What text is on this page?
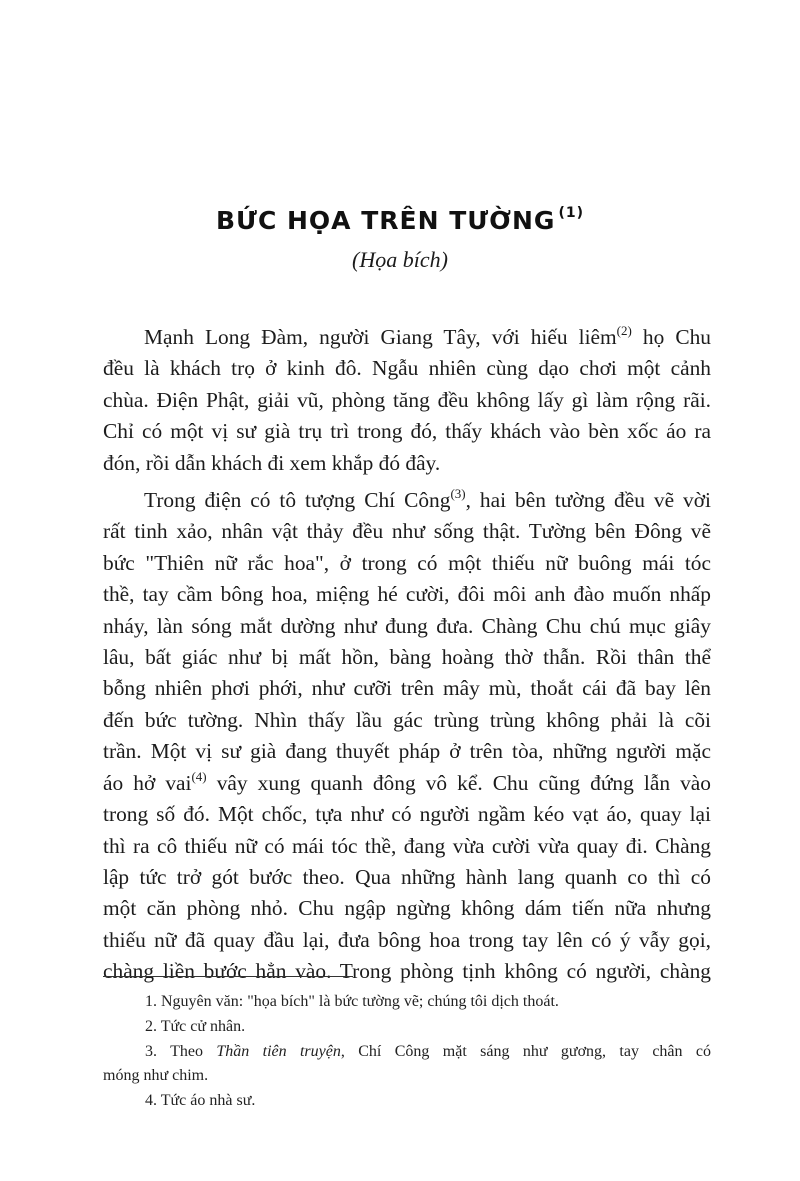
BỨC HỌA TRÊN TƯỜNG $^{(1)}$
(Họa bích)

Mạnh Long Đàm, người Giang Tây, với hiếu liêm$^{(2)}$ họ Chu
đều là khách trọ ở kinh đô. Ngẫu nhiên cùng dạo chơi một cảnh
chùa. Điện Phật, giải vũ, phòng tăng đều không lấy gì làm rộng rãi.
Chỉ có một vị sư già trụ trì trong đó, thấy khách vào bèn xốc áo ra
đón, rồi dẫn khách đi xem khắp đó đây.

Trong điện có tô tượng Chí Công$^{(3)}$, hai bên tường đều vẽ vời
rất tinh xảo, nhân vật thảy đều như sống thật. Tường bên Đông vẽ
bức "Thiên nữ rắc hoa", ở trong có một thiếu nữ buông mái tóc
thề, tay cầm bông hoa, miệng hé cười, đôi môi anh đào muốn nhấp
nháy, làn sóng mắt dường như đung đưa. Chàng Chu chú mục giây
lâu, bất giác như bị mất hồn, bàng hoàng thờ thẫn. Rồi thân thể
bỗng nhiên phơi phới, như cưỡi trên mây mù, thoắt cái đã bay lên
đến bức tường. Nhìn thấy lầu gác trùng trùng không phải là cõi
trần. Một vị sư già đang thuyết pháp ở trên tòa, những người mặc
áo hở vai$^{(4)}$ vây xung quanh đông vô kể. Chu cũng đứng lẫn vào
trong số đó. Một chốc, tựa như có người ngầm kéo vạt áo, quay lại
thì ra cô thiếu nữ có mái tóc thề, đang vừa cười vừa quay đi. Chàng
lập tức trở gót bước theo. Qua những hành lang quanh co thì có
một căn phòng nhỏ. Chu ngập ngừng không dám tiến nữa nhưng
thiếu nữ đã quay đầu lại, đưa bông hoa trong tay lên có ý vẫy gọi,
chàng liền bước hẳn vào. Trong phòng tịnh không có người, chàng

1. Nguyên văn: "họa bích" là bức tường vẽ; chúng tôi dịch thoát.
2. Tức cử nhân.
3. Theo Thần tiên truyện, Chí Công mặt sáng như gương, tay chân có
móng như chim.
4. Tức áo nhà sư.
